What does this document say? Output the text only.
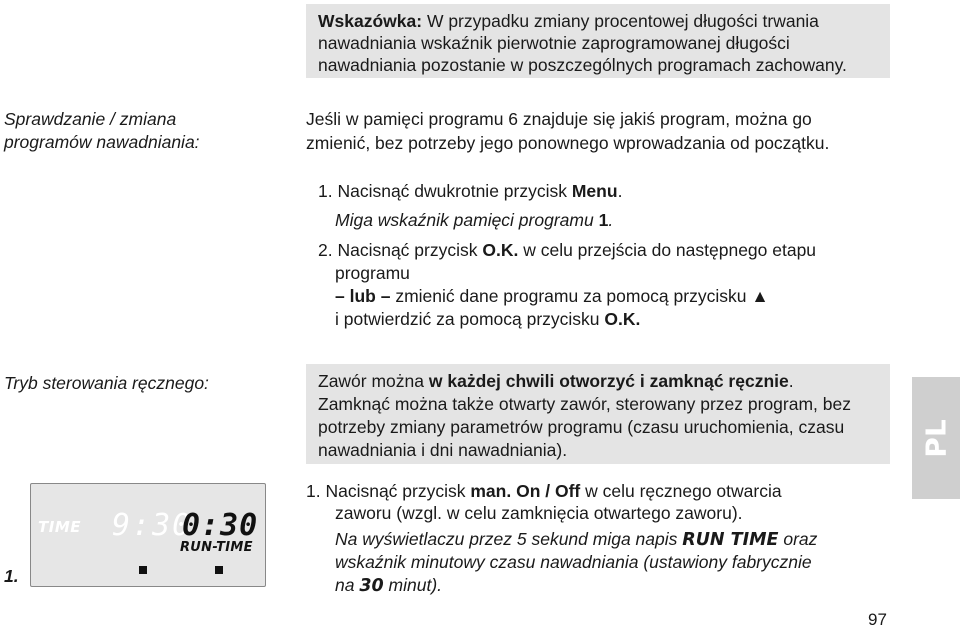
Wskazówka: W przypadku zmiany procentowej długości trwania nawadniania wskaźnik pierwotnie zaprogramowanej długości nawadniania pozostanie w poszczególnych programach zachowany.
Sprawdzanie / zmiana
programów nawadniania:
Jeśli w pamięci programu 6 znajduje się jakiś program, można go zmienić, bez potrzeby jego ponownego wprowadzania od początku.
1. Nacisnąć dwukrotnie przycisk Menu.
Miga wskaźnik pamięci programu 1.
2. Nacisnąć przycisk O.K. w celu przejścia do następnego etapu
programu
– lub – zmienić dane programu za pomocą przycisku ▲
i potwierdzić za pomocą przycisku O.K.
Tryb sterowania ręcznego:	Zawór można w każdej chwili otworzyć i zamknąć ręcznie.
Zamknąć można także otwarty zawór, sterowany przez program, bez potrzeby zmiany parametrów programu (czasu uruchomienia, czasu nawadniania i dni nawadniania).	PL
1. Nacisnąć przycisk man. On / Off w celu ręcznego otwarcia
zaworu (wzgl. w celu zamknięcia otwartego zaworu).
Na wyświetlaczu przez 5 sekund miga napis RUN TIME oraz
wskaźnik minutowy czasu nawadniania (ustawiony fabrycznie
na 30 minut).
TIME 9:30
0:30
RUN-TIME
1.
97
